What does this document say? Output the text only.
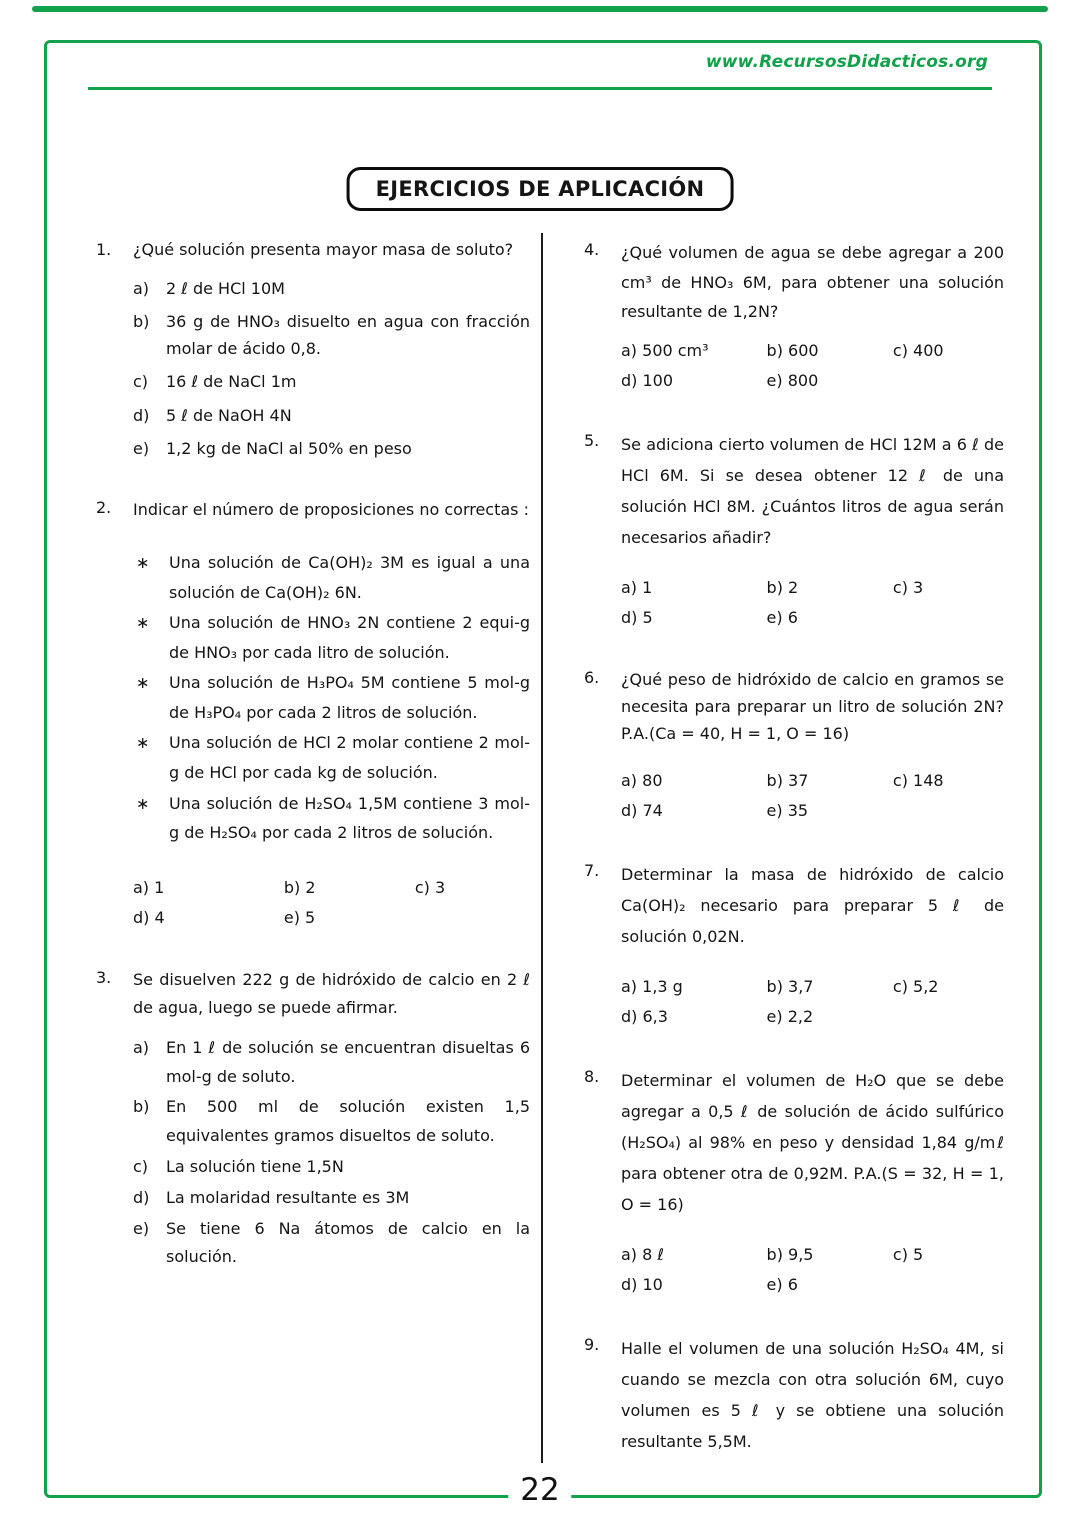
www.RecursosDidacticos.org
EJERCICIOS DE APLICACIÓN
1.	¿Qué solución presenta mayor masa de soluto?

a)	2 ℓ de HCl 10M

b)	36 g de HNO₃ disuelto en agua con fracción molar de ácido 0,8.

c)	16 ℓ de NaCl 1m

d)	5 ℓ de NaOH 4N

e)	1,2 kg de NaCl al 50% en peso

2.	Indicar el número de proposiciones no correctas :

∗	Una solución de Ca(OH)₂ 3M es igual a una solución de Ca(OH)₂ 6N.

∗	Una solución de HNO₃ 2N contiene 2 equi-g de HNO₃ por cada litro de solución.

∗	Una solución de H₃PO₄ 5M contiene 5 mol-g de H₃PO₄ por cada 2 litros de solución.

∗	Una solución de HCl 2 molar contiene 2 mol-g de HCl por cada kg de solución.

∗	Una solución de H₂SO₄ 1,5M contiene 3 mol-g de H₂SO₄ por cada 2 litros de solución.

a) 1	b) 2	c) 3
d) 4	e) 5
3.	Se disuelven 222 g de hidróxido de calcio en 2 ℓ de agua, luego se puede afirmar.

a)	En 1 ℓ de solución se encuentran disueltas 6 mol-g de soluto.

b)	En 500 ml de solución existen 1,5 equivalentes gramos disueltos de soluto.

c)	La solución tiene 1,5N

d)	La molaridad resultante es 3M

e)	Se tiene 6 Na átomos de calcio en la solución.

4.	¿Qué volumen de agua se debe agregar a 200 cm³ de HNO₃ 6M, para obtener una solución resultante de 1,2N?

a) 500 cm³	b) 600	c) 400
d) 100	e) 800
5.	Se adiciona cierto volumen de HCl 12M a 6 ℓ de HCl 6M. Si se desea obtener 12 ℓ de una solución HCl 8M. ¿Cuántos litros de agua serán necesarios añadir?

a) 1	b) 2	c) 3
d) 5	e) 6
6.	¿Qué peso de hidróxido de calcio en gramos se necesita para preparar un litro de solución 2N? P.A.(Ca = 40, H = 1, O = 16)

a) 80	b) 37	c) 148
d) 74	e) 35
7.	Determinar la masa de hidróxido de calcio Ca(OH)₂ necesario para preparar 5 ℓ de solución 0,02N.

a) 1,3 g	b) 3,7	c) 5,2
d) 6,3	e) 2,2
8.	Determinar el volumen de H₂O que se debe agregar a 0,5 ℓ de solución de ácido sulfúrico (H₂SO₄) al 98% en peso y densidad 1,84 g/mℓ para obtener otra de 0,92M. P.A.(S = 32, H = 1, O = 16)

a) 8 ℓ	b) 9,5	c) 5
d) 10	e) 6
9.	Halle el volumen de una solución H₂SO₄ 4M, si cuando se mezcla con otra solución 6M, cuyo volumen es 5 ℓ y se obtiene una solución resultante 5,5M.

22
